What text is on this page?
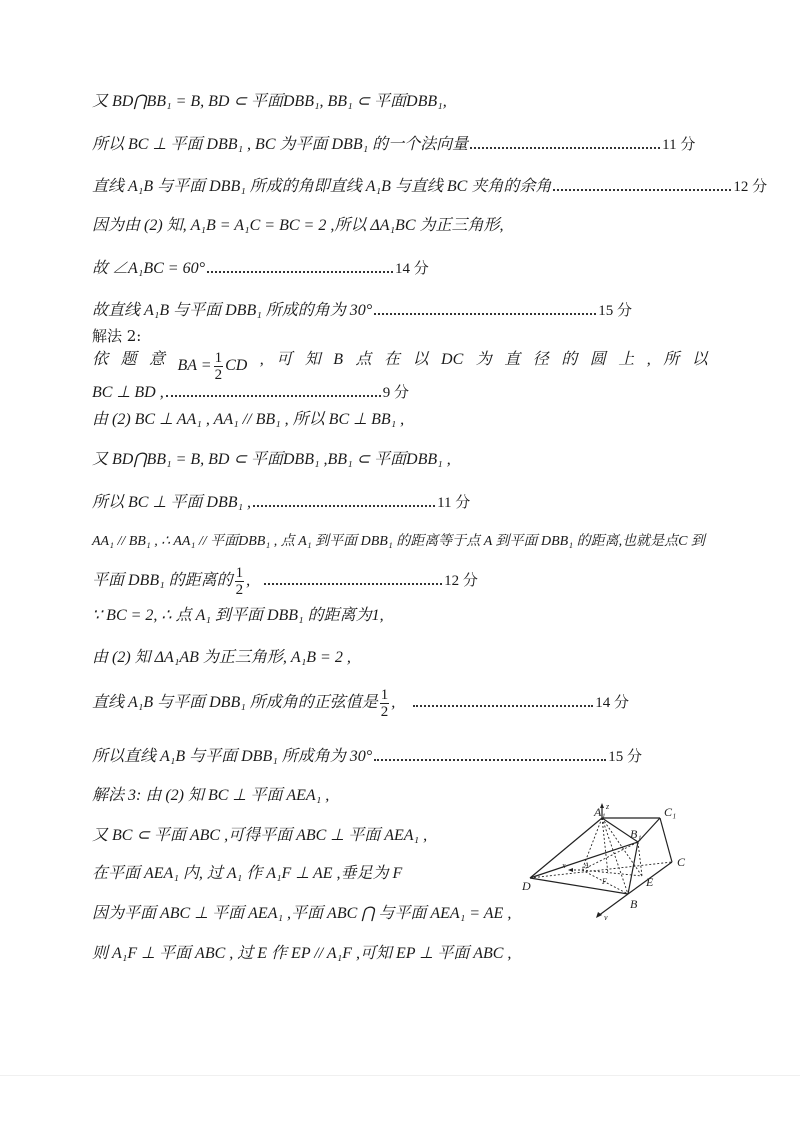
又 BD⋂BB₁ = B, BD ⊂ 平面DBB₁, BB₁ ⊂ 平面DBB₁,
所以 BC ⊥ 平面 DBB₁ , BC 为平面 DBB₁ 的一个法向量	11 分
直线 A₁B 与平面 DBB₁ 所成的角即直线 A₁B 与直线 BC 夹角的余角	12 分
因为由 (2) 知, A₁B = A₁C = BC = 2 ,所以 ΔA₁BC 为正三角形,
故 ∠A₁BC = 60°	14 分
故直线 A₁B 与平面 DBB₁ 所成的角为 30°	15 分
解法 2:
依 题 意 BA = $\frac{1}{2}$ CD , 可 知 B 点 在 以 DC 为 直 径 的 圆 上 , 所 以
BC ⊥ BD ,	9 分
由 (2) BC ⊥ AA₁ , AA₁ // BB₁ , 所以 BC ⊥ BB₁ ,
又 BD⋂BB₁ = B, BD ⊂ 平面DBB₁ ,BB₁ ⊂ 平面DBB₁ ,
所以 BC ⊥ 平面 DBB₁ ,	11 分
AA₁ // BB₁ , ∴ AA₁ // 平面DBB₁ , 点 A₁ 到平面 DBB₁ 的距离等于点 A 到平面 DBB₁ 的距离,也就是点C 到
平面 DBB₁ 的距离的 $\frac{1}{2}$ ,	12 分
∵ BC = 2, ∴ 点 A₁ 到平面 DBB₁ 的距离为1,
由 (2) 知 ΔA₁AB 为正三角形, A₁B = 2 ,
直线 A₁B 与平面 DBB₁ 所成角的正弦值是 $\frac{1}{2}$ ,	14 分
所以直线 A₁B 与平面 DBB₁ 所成角为 30°	15 分
解法 3: 由 (2) 知 BC ⊥ 平面 AEA₁ ,
又 BC ⊂ 平面 ABC ,可得平面 ABC ⊥ 平面 AEA₁ ,
在平面 AEA₁ 内, 过 A₁ 作 A₁F ⊥ AE ,垂足为 F
因为平面 ABC ⊥ 平面 AEA₁ ,平面 ABC ⋂ 与平面 AEA₁ = AE ,
则 A₁F ⊥ 平面 ABC , 过 E 作 EP // A₁F ,可知 EP ⊥ 平面 ABC ,
A₁	C₁
B₁
z
C
D
x A
F	E
B
y
